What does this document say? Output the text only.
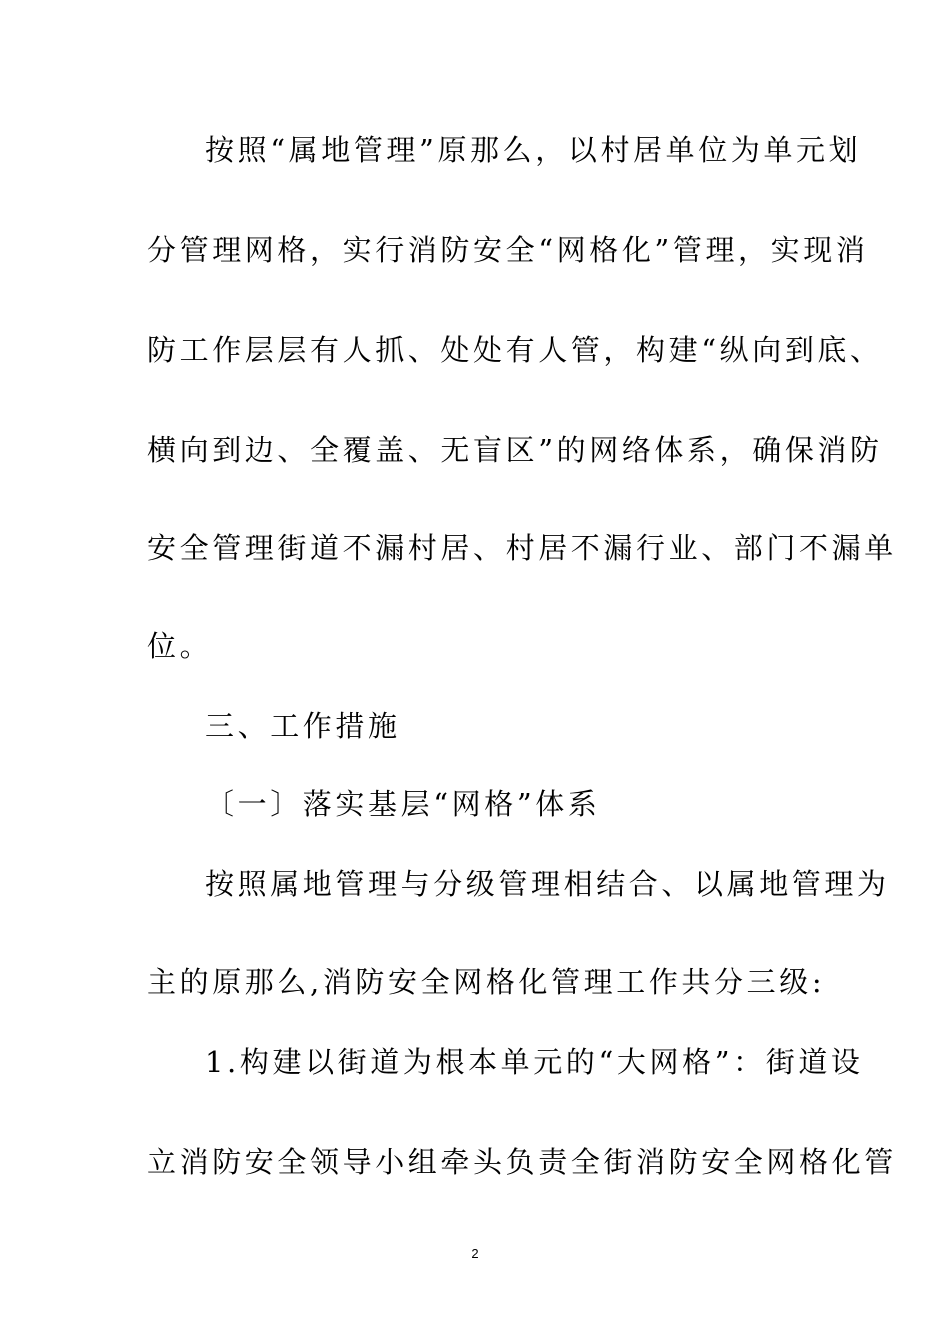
按照“属地管理”原那么，以村居单位为单元划
分管理网格，实行消防安全“网格化”管理，实现消
防工作层层有人抓、处处有人管，构建“纵向到底、
横向到边、全覆盖、无盲区”的网络体系，确保消防
安全管理街道不漏村居、村居不漏行业、部门不漏单
位。
三、工作措施
〔一〕落实基层“网格”体系
按照属地管理与分级管理相结合、以属地管理为
主的原那么,消防安全网格化管理工作共分三级:
1.构建以街道为根本单元的“大网格”：街道设
立消防安全领导小组牵头负责全街消防安全网格化管
2
